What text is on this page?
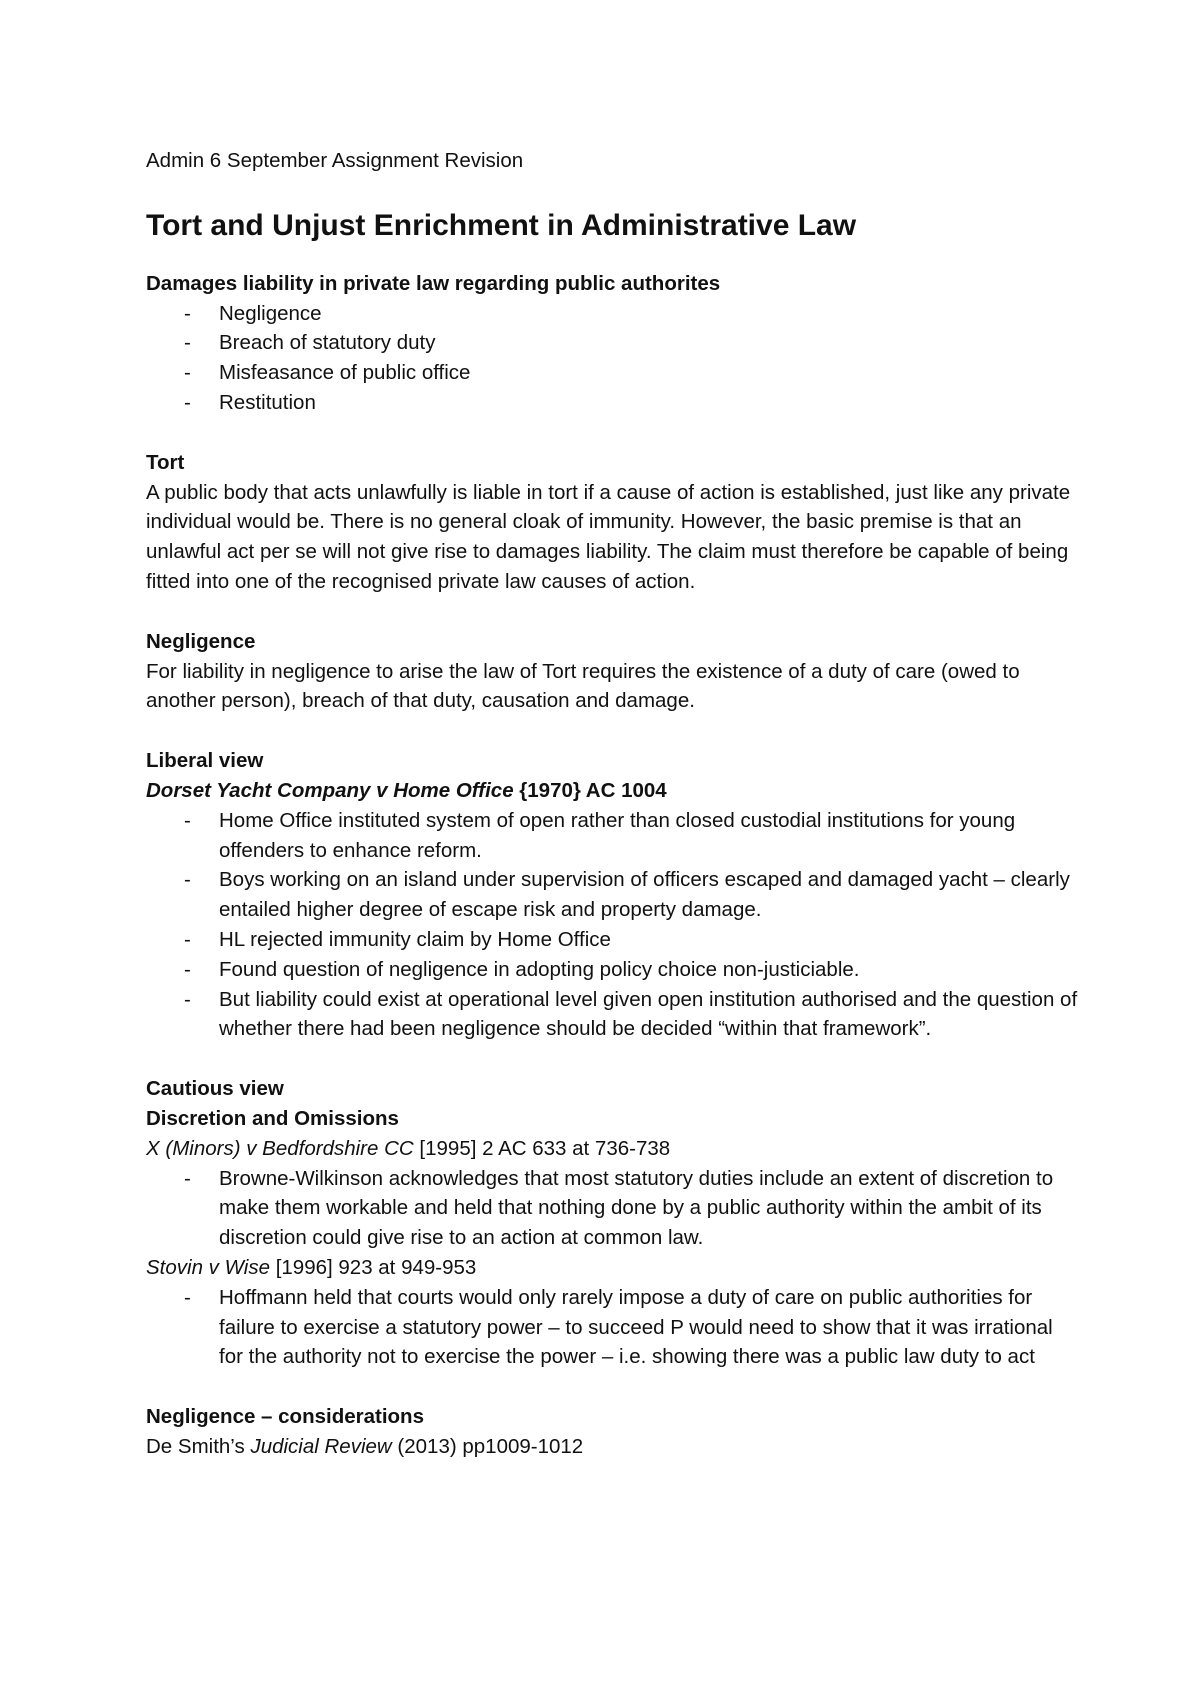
Admin 6 September Assignment Revision

Tort and Unjust Enrichment in Administrative Law

Damages liability in private law regarding public authorites

- Negligence
- Breach of statutory duty
- Misfeasance of public office
- Restitution

Tort

A public body that acts unlawfully is liable in tort if a cause of action is established, just like any private individual would be. There is no general cloak of immunity. However, the basic premise is that an unlawful act per se will not give rise to damages liability. The claim must therefore be capable of being fitted into one of the recognised private law causes of action.

Negligence

For liability in negligence to arise the law of Tort requires the existence of a duty of care (owed to another person), breach of that duty, causation and damage.

Liberal view

Dorset Yacht Company v Home Office {1970} AC 1004

- Home Office instituted system of open rather than closed custodial institutions for young offenders to enhance reform.
- Boys working on an island under supervision of officers escaped and damaged yacht – clearly entailed higher degree of escape risk and property damage.
- HL rejected immunity claim by Home Office
- Found question of negligence in adopting policy choice non-justiciable.
- But liability could exist at operational level given open institution authorised and the question of whether there had been negligence should be decided “within that framework”.

Cautious view

Discretion and Omissions

X (Minors) v Bedfordshire CC [1995] 2 AC 633 at 736-738

- Browne-Wilkinson acknowledges that most statutory duties include an extent of discretion to make them workable and held that nothing done by a public authority within the ambit of its discretion could give rise to an action at common law.

Stovin v Wise [1996] 923 at 949-953

- Hoffmann held that courts would only rarely impose a duty of care on public authorities for failure to exercise a statutory power – to succeed P would need to show that it was irrational for the authority not to exercise the power – i.e. showing there was a public law duty to act

Negligence – considerations

De Smith’s Judicial Review (2013) pp1009-1012
